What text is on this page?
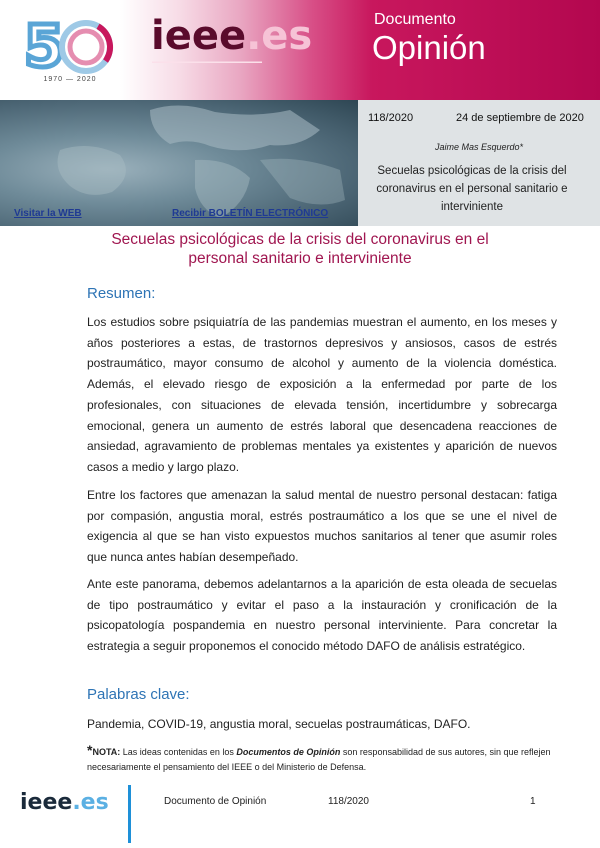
5
1970 — 2020
ieee.es
▬▬▬▬▬▬▬▬▬▬▬▬▬▬▬▬▬▬▬▬▬▬
Documento
Opinión
118/2020	24 de septiembre de 2020
Jaime Mas Esquerdo*
Secuelas psicológicas de la crisis del coronavirus en el personal sanitario e interviniente
Visitar la WEB	Recibir BOLETÍN ELECTRÓNICO
Secuelas psicológicas de la crisis del coronavirus en el personal sanitario e interviniente
Resumen:
Los estudios sobre psiquiatría de las pandemias muestran el aumento, en los meses y años posteriores a estas, de trastornos depresivos y ansiosos, casos de estrés postraumático, mayor consumo de alcohol y aumento de la violencia doméstica. Además, el elevado riesgo de exposición a la enfermedad por parte de los profesionales, con situaciones de elevada tensión, incertidumbre y sobrecarga emocional, genera un aumento de estrés laboral que desencadena reacciones de ansiedad, agravamiento de problemas mentales ya existentes y aparición de nuevos casos a medio y largo plazo.
Entre los factores que amenazan la salud mental de nuestro personal destacan: fatiga por compasión, angustia moral, estrés postraumático a los que se une el nivel de exigencia al que se han visto expuestos muchos sanitarios al tener que asumir roles que nunca antes habían desempeñado.
Ante este panorama, debemos adelantarnos a la aparición de esta oleada de secuelas de tipo postraumático y evitar el paso a la instauración y cronificación de la psicopatología pospandemia en nuestro personal interviniente. Para concretar la estrategia a seguir proponemos el conocido método DAFO de análisis estratégico.
Palabras clave:
Pandemia, COVID-19, angustia moral, secuelas postraumáticas, DAFO.
*NOTA: Las ideas contenidas en los Documentos de Opinión son responsabilidad de sus autores, sin que reflejen necesariamente el pensamiento del IEEE o del Ministerio de Defensa.
ieee.es	Documento de Opinión	118/2020	1
